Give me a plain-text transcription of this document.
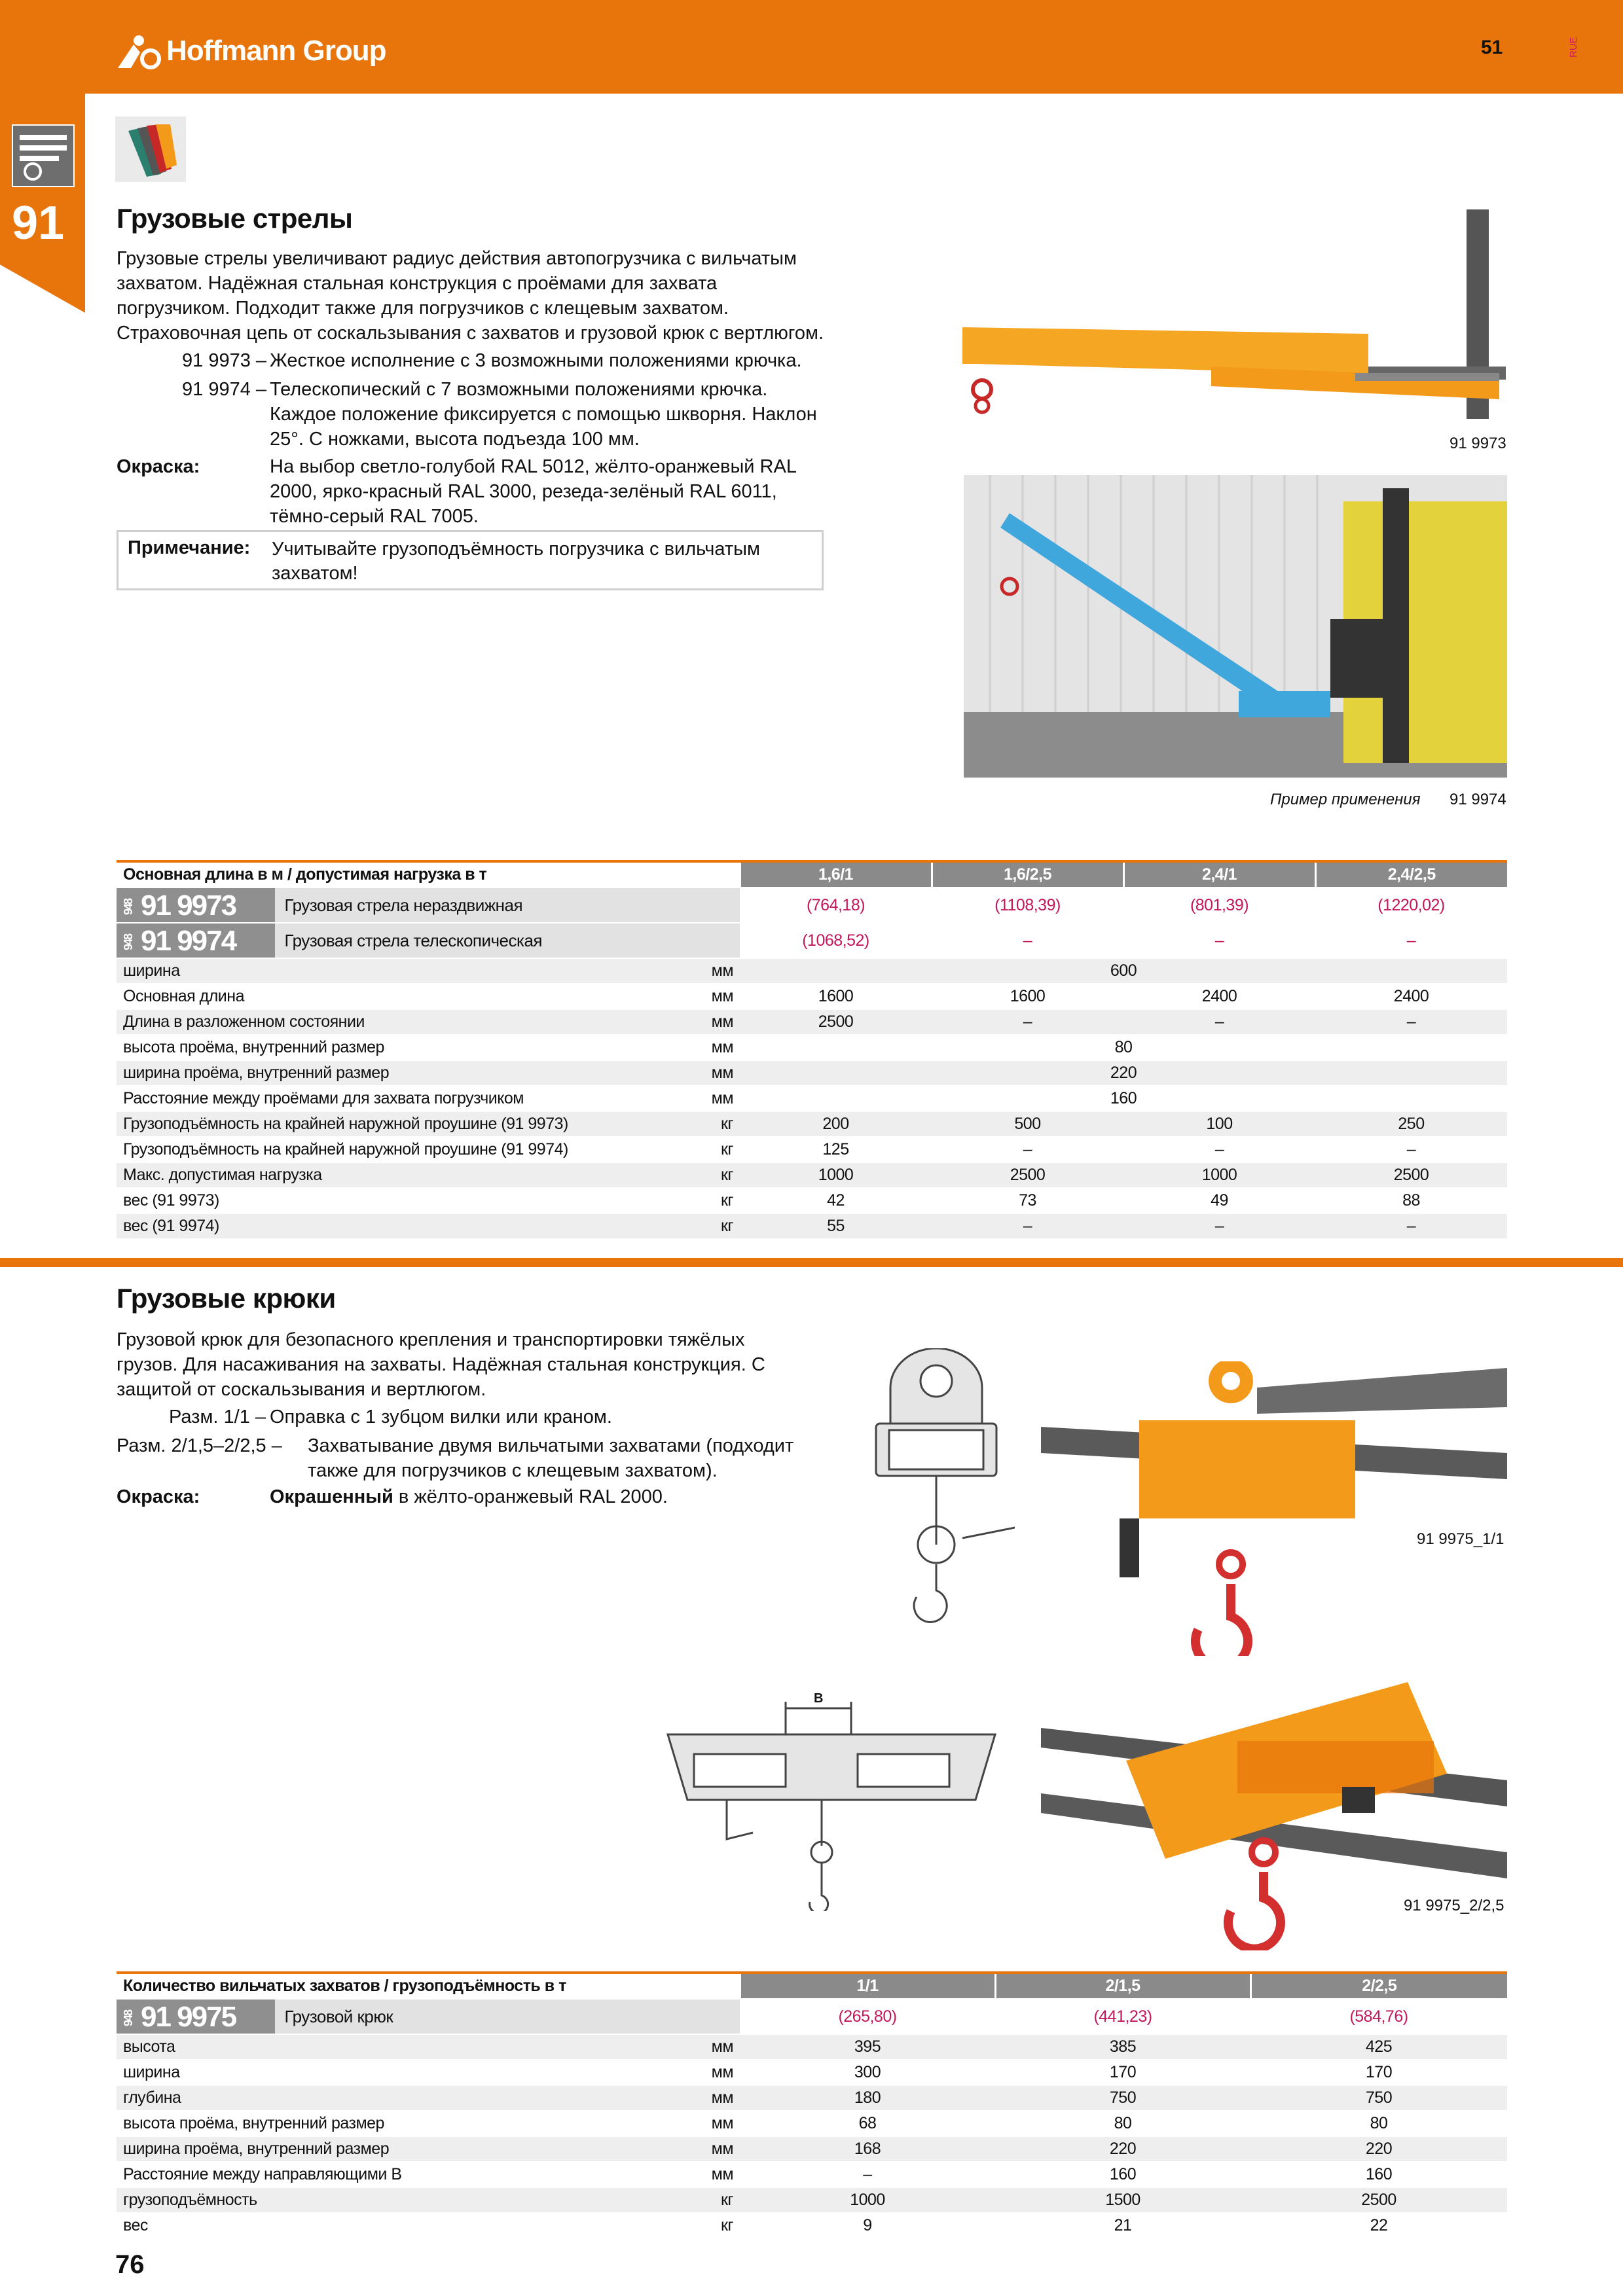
Hoffmann Group	51	RUE
91 Грузовые стрелы
Грузовые стрелы увеличивают радиус действия автопогрузчика с вильчатым
захватом. Надёжная стальная конструкция с проёмами для захвата
погрузчиком. Подходит также для погрузчиков с клещевым захватом.
Страховочная цепь от соскальзывания с захватов и грузовой крюк с вертлюгом.
91 9973 – Жесткое исполнение с 3 возможными положениями крючка.
91 9974 – Телескопический с 7 возможными положениями крючка.
Каждое положение фиксируется с помощью шкворня. Наклон
25°. С ножками, высота подъезда 100 мм.
Окраска:	На выбор светло-голубой RAL 5012, жёлто-оранжевый RAL
2000, ярко-красный RAL 3000, резеда-зелёный RAL 6011,
тёмно-серый RAL 7005.
Примечание: Учитывайте грузоподъёмность погрузчика с вильчатым
захватом!
91 9973
Пример применения 91 9974
Основная длина в м / допустимая нагрузка в т		1,6/1	1,6/2,5	2,4/1	2,4/2,5
948 91 9973 Грузовая стрела нераздвижная		(764,18)	(1108,39)	(801,39)	(1220,02)
948 91 9974 Грузовая стрела телескопическая		(1068,52)	–	–	–
ширина	мм	600			
Основная длина	мм	1600	1600	2400	2400
Длина в разложенном состоянии	мм	2500	–	–	–
высота проёма, внутренний размер	мм	80			
ширина проёма, внутренний размер	мм	220			
Расстояние между проёмами для захвата погрузчиком	мм	160			
Грузоподъёмность на крайней наружной проушине (91 9973)	кг	200	500	100	250
Грузоподъёмность на крайней наружной проушине (91 9974)	кг	125	–	–	–
Макс. допустимая нагрузка	кг	1000	2500	1000	2500
вес (91 9973)	кг	42	73	49	88
вес (91 9974)	кг	55	–	–	–
Грузовые крюки
Грузовой крюк для безопасного крепления и транспортировки тяжёлых
грузов. Для насаживания на захваты. Надёжная стальная конструкция. С
защитой от соскальзывания и вертлюгом.
Разм. 1/1 – Оправка с 1 зубцом вилки или краном.
Разм. 2/1,5–2/2,5 – Захватывание двумя вильчатыми захватами (подходит
также для погрузчиков с клещевым захватом).
Окраска:	Окрашенный в жёлто-оранжевый RAL 2000.
91 9975_1/1
B
91 9975_2/2,5
Количество вильчатых захватов / грузоподъёмность в т		1/1	2/1,5	2/2,5
948 91 9975 Грузовой крюк		(265,80)	(441,23)	(584,76)
высота	мм	395	385	425
ширина	мм	300	170	170
глубина	мм	180	750	750
высота проёма, внутренний размер	мм	68	80	80
ширина проёма, внутренний размер	мм	168	220	220
Расстояние между направляющими B	мм	–	160	160
грузоподъёмность	кг	1000	1500	2500
вес	кг	9	21	22
76
